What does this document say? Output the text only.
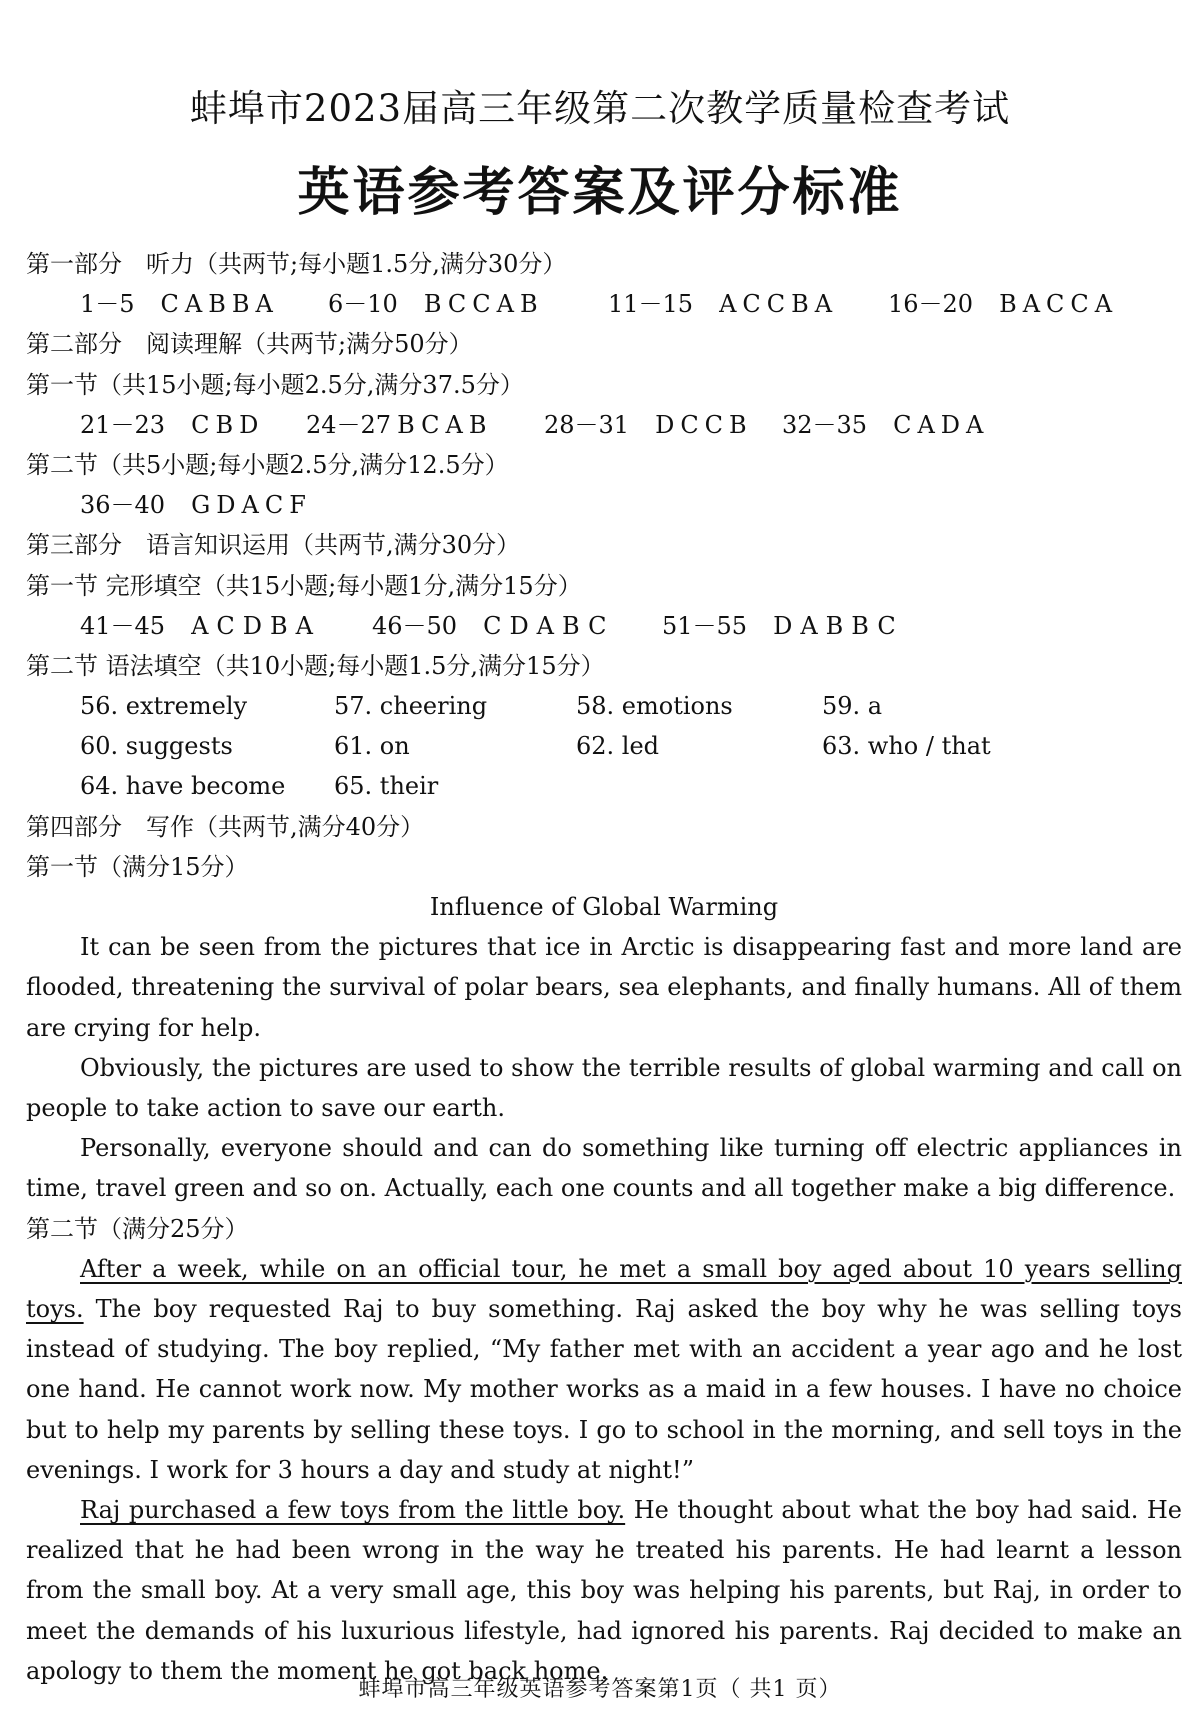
蚌埠市2023届高三年级第二次教学质量检查考试
英语参考答案及评分标准
第一部分　听力（共两节;每小题1.5分,满分30分）
1－5 CABBA	6－10 BCCAB	11－15 ACCBA	16－20 BACCA
第二部分　阅读理解（共两节;满分50分）
第一节（共15小题;每小题2.5分,满分37.5分）
21－23 CBD	24－27 BCAB	28－31 DCCB	32－35 CADA
第二节（共5小题;每小题2.5分,满分12.5分）
36－40 GDACF
第三部分　语言知识运用（共两节,满分30分）
第一节 完形填空（共15小题;每小题1分,满分15分）
41－45 ACDBA	46－50 CDABC	51－55 DABBC
第二节 语法填空（共10小题;每小题1.5分,满分15分）
56. extremely	57. cheering	58. emotions	59. a
60. suggests	61. on	62. led	63. who / that
64. have become 65. their
第四部分　写作（共两节,满分40分）
第一节（满分15分）
Influence of Global Warming

It can be seen from the pictures that ice in Arctic is disappearing fast and more land are flooded, threatening the survival of polar bears, sea elephants, and finally humans. All of them are crying for help.

Obviously, the pictures are used to show the terrible results of global warming and call on people to take action to save our earth.

Personally, everyone should and can do something like turning off electric appliances in time, travel green and so on. Actually, each one counts and all together make a big difference.

第二节（满分25分）

After a week, while on an official tour, he met a small boy aged about 10 years selling toys. The boy requested Raj to buy something. Raj asked the boy why he was selling toys instead of studying. The boy replied, “My father met with an accident a year ago and he lost one hand. He cannot work now. My mother works as a maid in a few houses. I have no choice but to help my parents by selling these toys. I go to school in the morning, and sell toys in the evenings. I work for 3 hours a day and study at night!”

Raj purchased a few toys from the little boy. He thought about what the boy had said. He realized that he had been wrong in the way he treated his parents. He had learnt a lesson from the small boy. At a very small age, this boy was helping his parents, but Raj, in order to meet the demands of his luxurious lifestyle, had ignored his parents. Raj decided to make an apology to them the moment he got back home.

蚌埠市高三年级英语参考答案第1页（ 共1 页）
